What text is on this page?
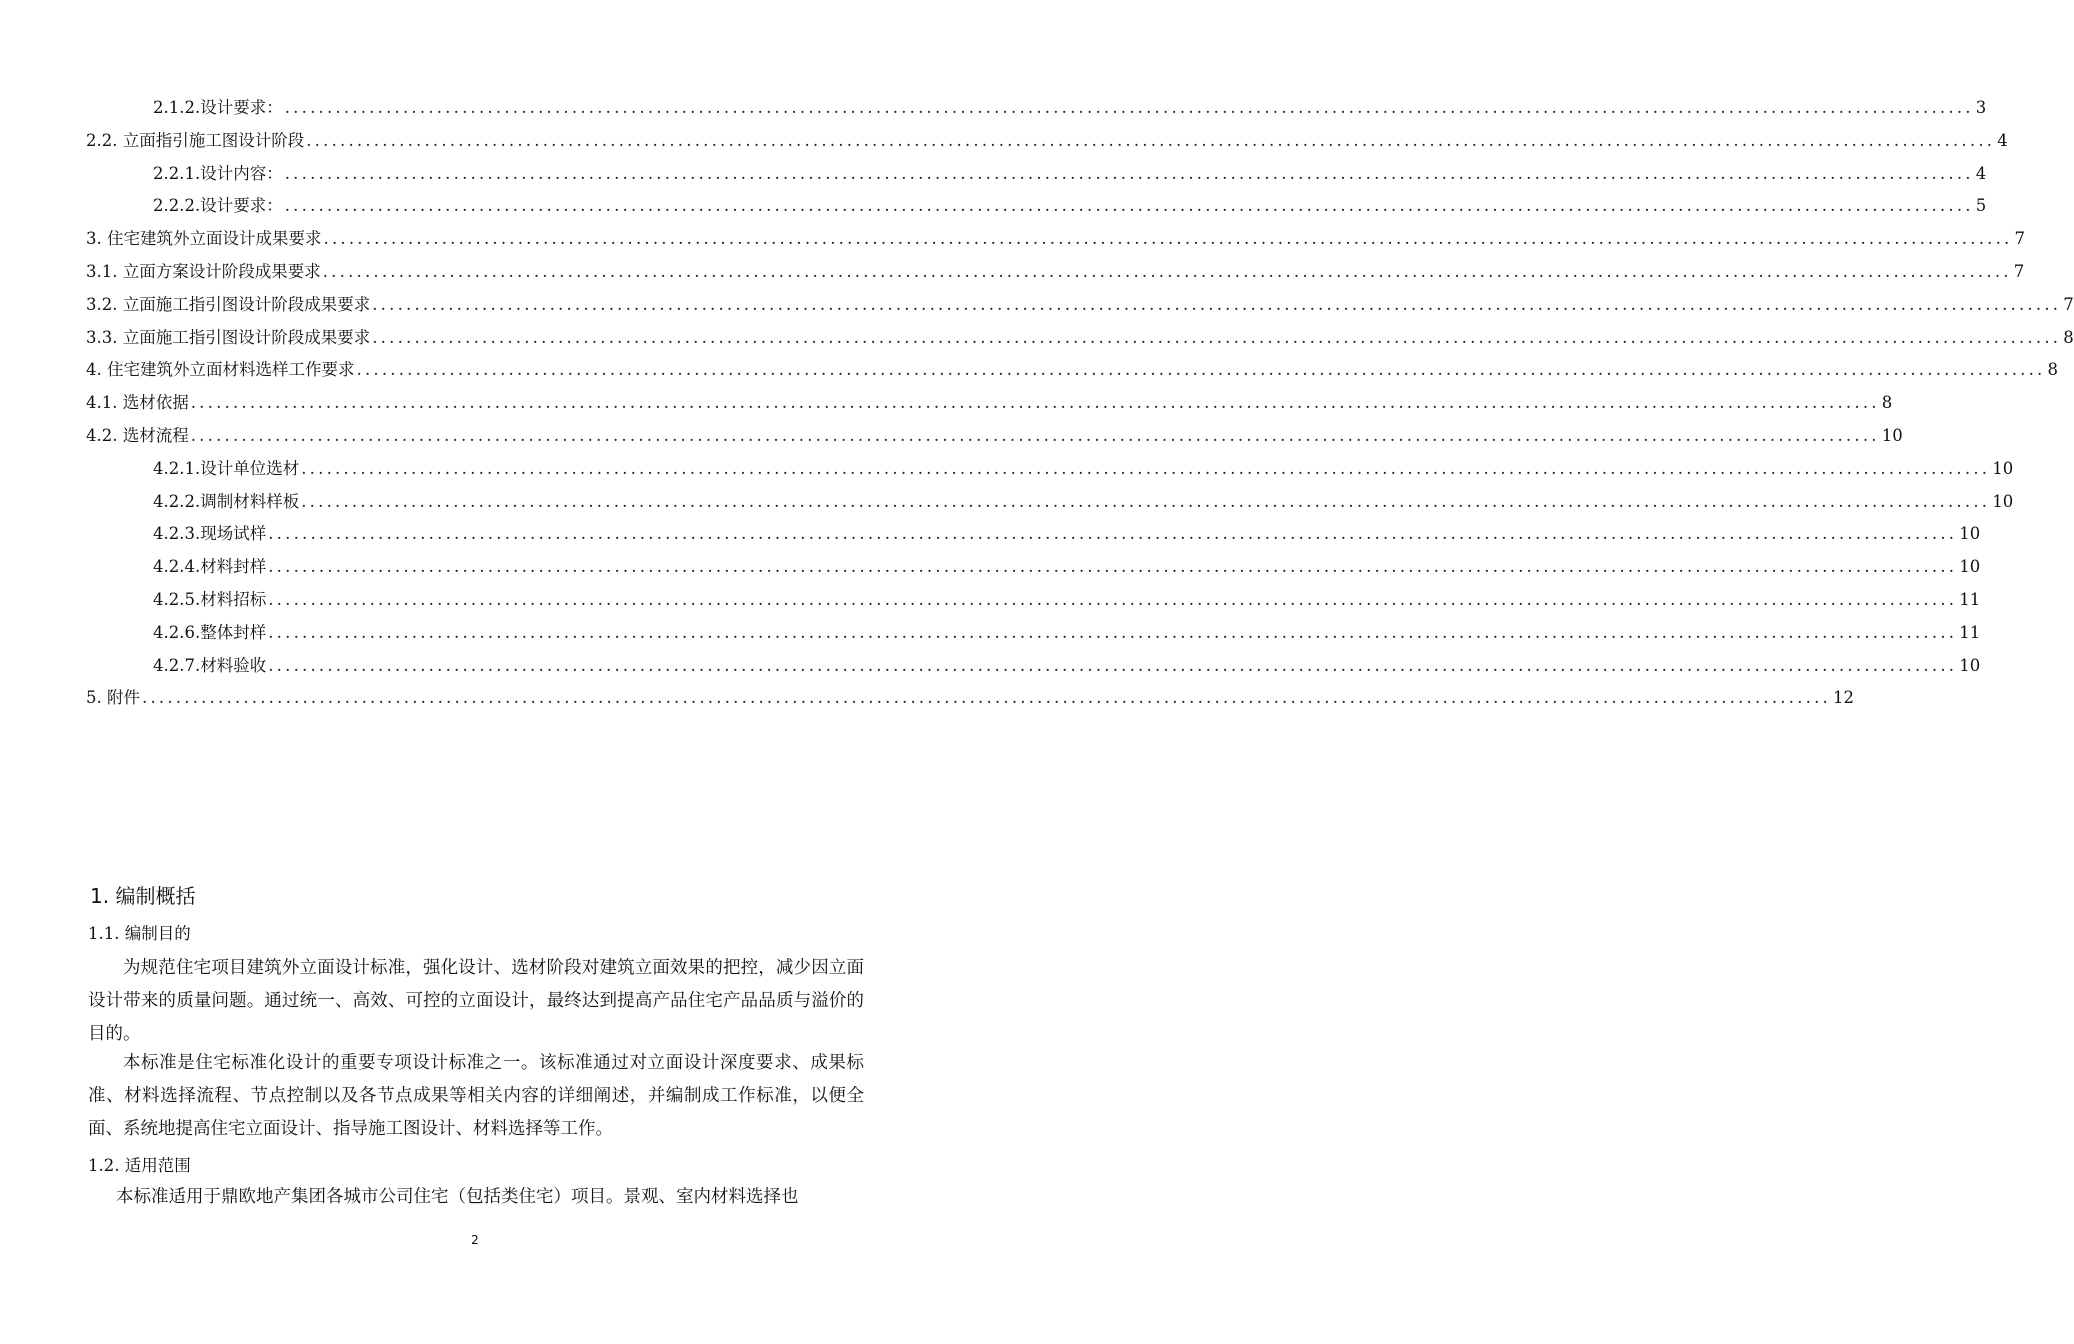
2.1.2.设计要求： ........................................................................................................................................................................................................ 3
2.2. 立面指引施工图设计阶段 ........................................................................................................................................................................................................ 4
2.2.1.设计内容： ........................................................................................................................................................................................................ 4
2.2.2.设计要求： ........................................................................................................................................................................................................ 5
3. 住宅建筑外立面设计成果要求 ........................................................................................................................................................................................................ 7
3.1. 立面方案设计阶段成果要求 ........................................................................................................................................................................................................ 7
3.2. 立面施工指引图设计阶段成果要求 ........................................................................................................................................................................................................ 7
3.3. 立面施工指引图设计阶段成果要求 ........................................................................................................................................................................................................ 8
4. 住宅建筑外立面材料选样工作要求 ........................................................................................................................................................................................................ 8
4.1. 选材依据 ........................................................................................................................................................................................................ 8
4.2. 选材流程 ........................................................................................................................................................................................................ 10
4.2.1.设计单位选材 ........................................................................................................................................................................................................ 10
4.2.2.调制材料样板 ........................................................................................................................................................................................................ 10
4.2.3.现场试样 ........................................................................................................................................................................................................ 10
4.2.4.材料封样 ........................................................................................................................................................................................................ 10
4.2.5.材料招标 ........................................................................................................................................................................................................ 11
4.2.6.整体封样 ........................................................................................................................................................................................................ 11
4.2.7.材料验收 ........................................................................................................................................................................................................ 10
5. 附件 ........................................................................................................................................................................................................ 12
1. 编制概括
1.1. 编制目的

为规范住宅项目建筑外立面设计标准，强化设计、选材阶段对建筑立面效果的把控，减少因立面设计带来的质量问题。通过统一、高效、可控的立面设计，最终达到提高产品住宅产品品质与溢价的目的。

本标准是住宅标准化设计的重要专项设计标准之一。该标准通过对立面设计深度要求、成果标准、材料选择流程、节点控制以及各节点成果等相关内容的详细阐述，并编制成工作标准，以便全面、系统地提高住宅立面设计、指导施工图设计、材料选择等工作。

1.2. 适用范围

本标准适用于鼎欧地产集团各城市公司住宅（包括类住宅）项目。景观、室内材料选择也

2
